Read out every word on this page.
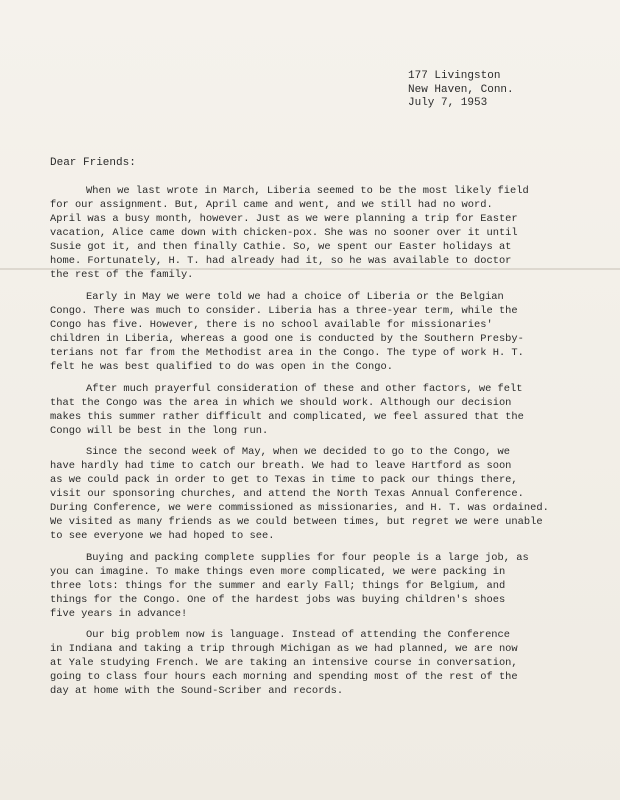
177 Livingston
New Haven, Conn.
July 7, 1953
Dear Friends:
When we last wrote in March, Liberia seemed to be the most likely field
for our assignment. But, April came and went, and we still had no word.
April was a busy month, however. Just as we were planning a trip for Easter
vacation, Alice came down with chicken-pox. She was no sooner over it until
Susie got it, and then finally Cathie. So, we spent our Easter holidays at
home. Fortunately, H. T. had already had it, so he was available to doctor
the rest of the family.
Early in May we were told we had a choice of Liberia or the Belgian
Congo. There was much to consider. Liberia has a three-year term, while the
Congo has five. However, there is no school available for missionaries'
children in Liberia, whereas a good one is conducted by the Southern Presby-
terians not far from the Methodist area in the Congo. The type of work H. T.
felt he was best qualified to do was open in the Congo.
After much prayerful consideration of these and other factors, we felt
that the Congo was the area in which we should work. Although our decision
makes this summer rather difficult and complicated, we feel assured that the
Congo will be best in the long run.
Since the second week of May, when we decided to go to the Congo, we
have hardly had time to catch our breath. We had to leave Hartford as soon
as we could pack in order to get to Texas in time to pack our things there,
visit our sponsoring churches, and attend the North Texas Annual Conference.
During Conference, we were commissioned as missionaries, and H. T. was ordained.
We visited as many friends as we could between times, but regret we were unable
to see everyone we had hoped to see.
Buying and packing complete supplies for four people is a large job, as
you can imagine. To make things even more complicated, we were packing in
three lots: things for the summer and early Fall; things for Belgium, and
things for the Congo. One of the hardest jobs was buying children's shoes
five years in advance!
Our big problem now is language. Instead of attending the Conference
in Indiana and taking a trip through Michigan as we had planned, we are now
at Yale studying French. We are taking an intensive course in conversation,
going to class four hours each morning and spending most of the rest of the
day at home with the Sound-Scriber and records.
